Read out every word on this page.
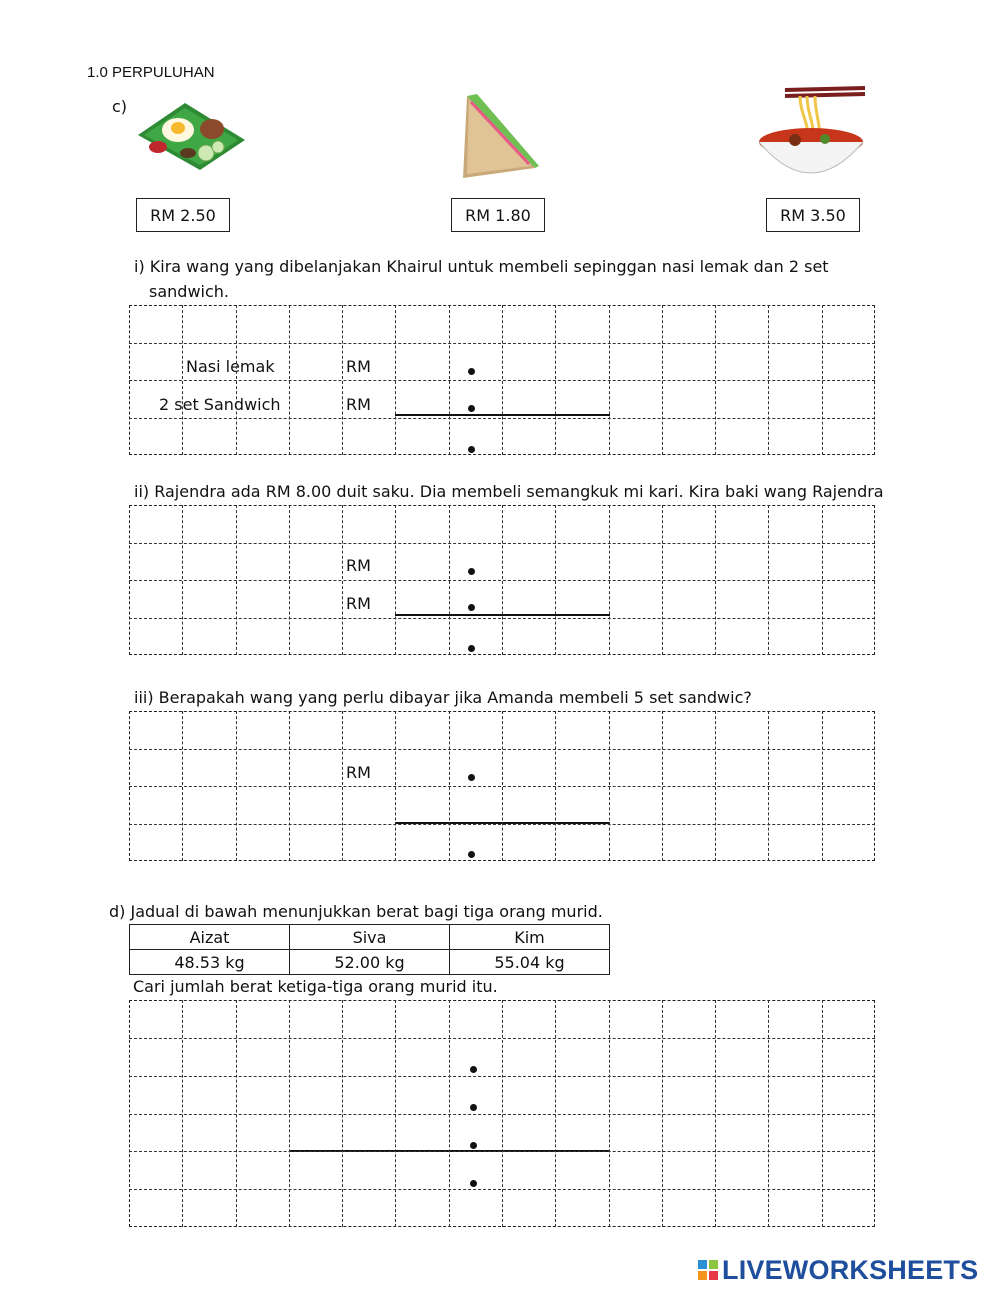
1.0 PERPULUHAN
c)
RM 2.50	RM 1.80	RM 3.50
i) Kira wang yang dibelanjakan Khairul untuk membeli sepinggan nasi lemak dan 2 set
sandwich.
Nasi lemak
2 set Sandwich
RM
RM
ii) Rajendra ada RM 8.00 duit saku. Dia membeli semangkuk mi kari. Kira baki wang Rajendra
RM
RM
iii) Berapakah wang yang perlu dibayar jika Amanda membeli 5 set sandwic?
RM
d) Jadual di bawah menunjukkan berat bagi tiga orang murid.
Aizat	Siva	Kim
48.53 kg	52.00 kg	55.04 kg
Cari jumlah berat ketiga-tiga orang murid itu.
LIVEWORKSHEETS
